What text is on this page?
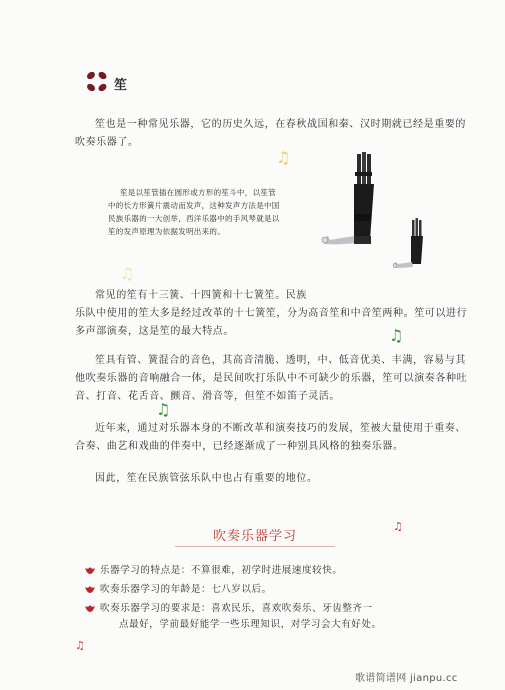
笙

笙也是一种常见乐器，它的历史久远，在春秋战国和秦、汉时期就已经是重要的吹奏乐器了。

♫
♫
♫
♫
♫
♫

笙是以笙管插在圆形或方形的笙斗中，以笙管

中的长方形簧片震动而发声，这种发声方法是中国

民族乐器的一大创举，西洋乐器中的手风琴就是以

笙的发声原理为依据发明出来的。

常见的笙有十三簧、十四簧和十七簧笙。民族

乐队中使用的笙大多是经过改革的十七簧笙，分为高音笙和中音笙两种。笙可以进行多声部演奏，这是笙的最大特点。

笙具有管、簧混合的音色，其高音清脆、透明，中、低音优美、丰满，容易与其他吹奏乐器的音响融合一体，是民间吹打乐队中不可缺少的乐器，笙可以演奏各种吐音、打音、花舌音、颤音、滑音等，但笙不如笛子灵活。

近年来，通过对乐器本身的不断改革和演奏技巧的发展，笙被大量使用于重奏、合奏、曲艺和戏曲的伴奏中，已经逐渐成了一种别具风格的独奏乐器。

因此，笙在民族管弦乐队中也占有重要的地位。

吹奏乐器学习
乐器学习的特点是：不算很难，初学时进展速度较快。
吹奏乐器学习的年龄是：七八岁以后。
吹奏乐器学习的要求是：喜欢民乐，喜欢吹奏乐、牙齿整齐一
点最好，学前最好能学一些乐理知识，对学习会大有好处。
歌谱简谱网 jianpu.cc
